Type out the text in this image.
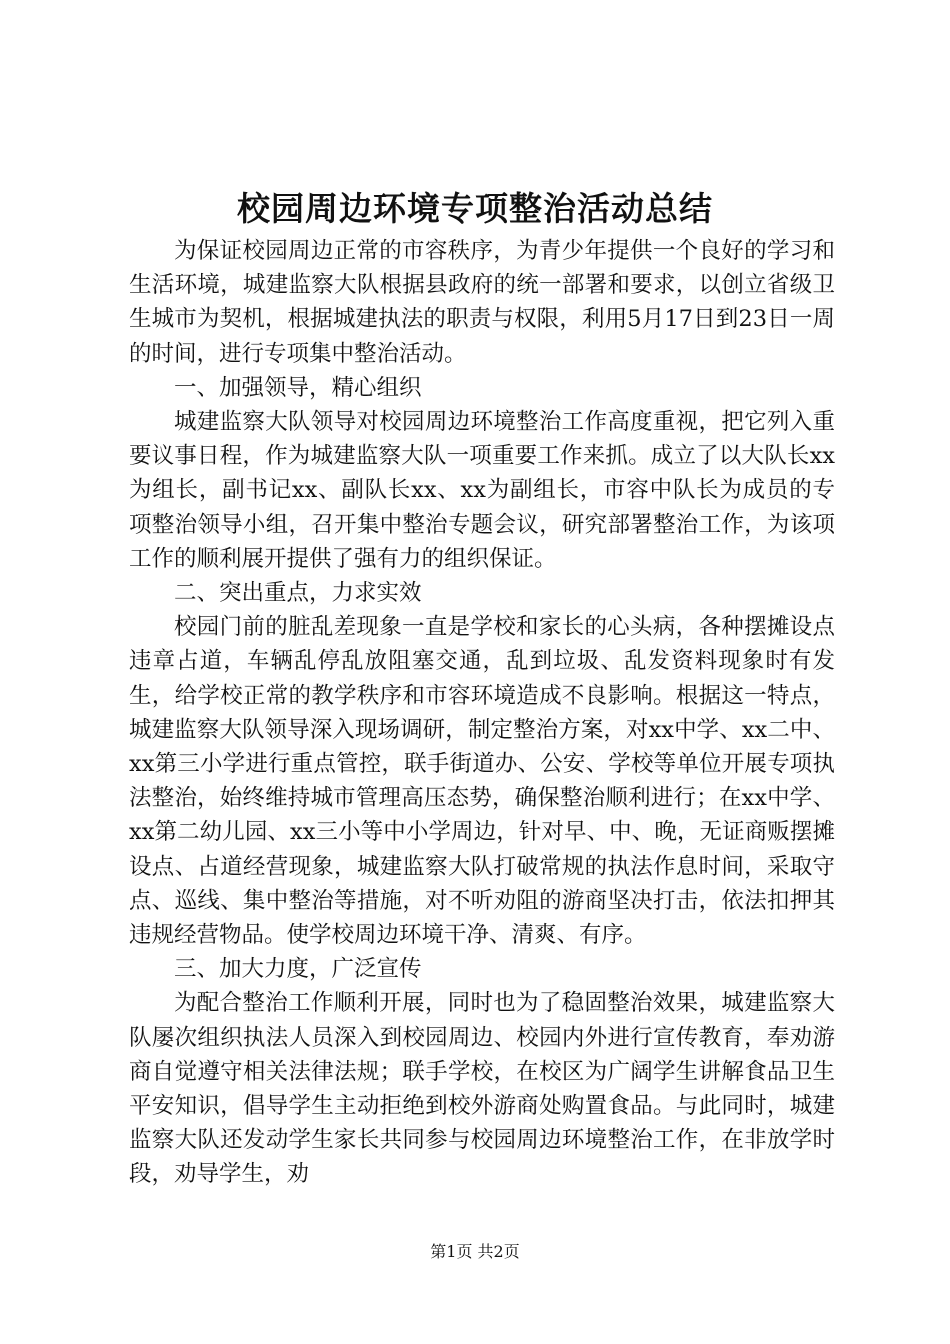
校园周边环境专项整治活动总结

为保证校园周边正常的市容秩序，为青少年提供一个良好的学习和生活环境，城建监察大队根据县政府的统一部署和要求，以创立省级卫生城市为契机，根据城建执法的职责与权限，利用5月17日到23日一周的时间，进行专项集中整治活动。

一、加强领导，精心组织

城建监察大队领导对校园周边环境整治工作高度重视，把它列入重要议事日程，作为城建监察大队一项重要工作来抓。成立了以大队长xx为组长，副书记xx、副队长xx、xx为副组长，市容中队长为成员的专项整治领导小组，召开集中整治专题会议，研究部署整治工作，为该项工作的顺利展开提供了强有力的组织保证。

二、突出重点，力求实效

校园门前的脏乱差现象一直是学校和家长的心头病，各种摆摊设点违章占道，车辆乱停乱放阻塞交通，乱到垃圾、乱发资料现象时有发生，给学校正常的教学秩序和市容环境造成不良影响。根据这一特点，城建监察大队领导深入现场调研，制定整治方案，对xx中学、xx二中、xx第三小学进行重点管控，联手街道办、公安、学校等单位开展专项执法整治，始终维持城市管理高压态势，确保整治顺利进行；在xx中学、xx第二幼儿园、xx三小等中小学周边，针对早、中、晚，无证商贩摆摊设点、占道经营现象，城建监察大队打破常规的执法作息时间，采取守点、巡线、集中整治等措施，对不听劝阻的游商坚决打击，依法扣押其违规经营物品。使学校周边环境干净、清爽、有序。

三、加大力度，广泛宣传

为配合整治工作顺利开展，同时也为了稳固整治效果，城建监察大队屡次组织执法人员深入到校园周边、校园内外进行宣传教育，奉劝游商自觉遵守相关法律法规；联手学校，在校区为广阔学生讲解食品卫生平安知识，倡导学生主动拒绝到校外游商处购置食品。与此同时，城建监察大队还发动学生家长共同参与校园周边环境整治工作，在非放学时段，劝导学生，劝

第1页 共2页
